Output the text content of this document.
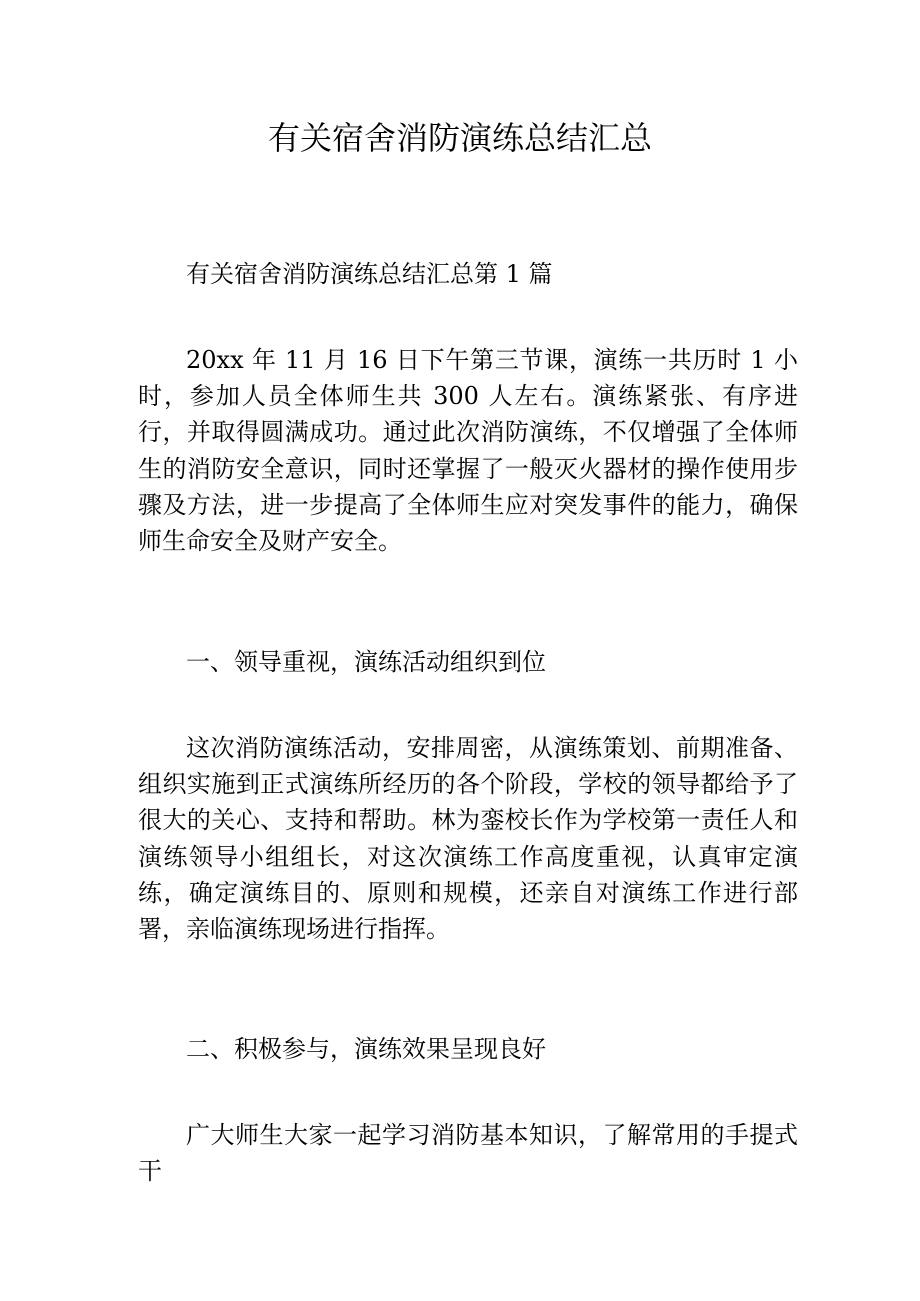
有关宿舍消防演练总结汇总

有关宿舍消防演练总结汇总第 1 篇

20xx 年 11 月 16 日下午第三节课，演练一共历时 1 小时，参加人员全体师生共 300 人左右。演练紧张、有序进行，并取得圆满成功。通过此次消防演练，不仅增强了全体师生的消防安全意识，同时还掌握了一般灭火器材的操作使用步骤及方法，进一步提高了全体师生应对突发事件的能力，确保师生命安全及财产安全。

一、领导重视，演练活动组织到位

这次消防演练活动，安排周密，从演练策划、前期准备、组织实施到正式演练所经历的各个阶段，学校的领导都给予了很大的关心、支持和帮助。林为銮校长作为学校第一责任人和演练领导小组组长，对这次演练工作高度重视，认真审定演练，确定演练目的、原则和规模，还亲自对演练工作进行部署，亲临演练现场进行指挥。

二、积极参与，演练效果呈现良好

广大师生大家一起学习消防基本知识，了解常用的手提式干
